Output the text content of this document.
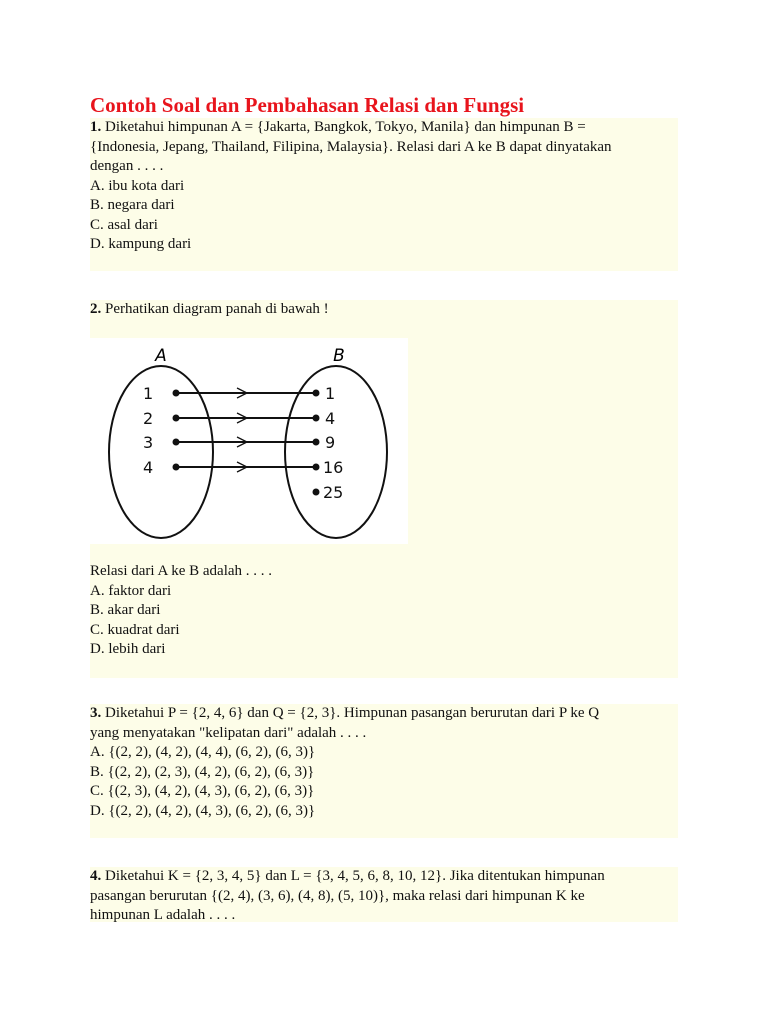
Contoh Soal dan Pembahasan Relasi dan Fungsi

1. Diketahui himpunan A = {Jakarta, Bangkok, Tokyo, Manila} dan himpunan B =

{Indonesia, Jepang, Thailand, Filipina, Malaysia}. Relasi dari A ke B dapat dinyatakan

dengan . . . .

A. ibu kota dari

B. negara dari

C. asal dari

D. kampung dari

2. Perhatikan diagram panah di bawah !

A	B
1
2
3
4
1
4
9
16
25

Relasi dari A ke B adalah . . . .

A. faktor dari

B. akar dari

C. kuadrat dari

D. lebih dari

3. Diketahui P = {2, 4, 6} dan Q = {2, 3}. Himpunan pasangan berurutan dari P ke Q

yang menyatakan "kelipatan dari" adalah . . . .

A. {(2, 2), (4, 2), (4, 4), (6, 2), (6, 3)}

B. {(2, 2), (2, 3), (4, 2), (6, 2), (6, 3)}

C. {(2, 3), (4, 2), (4, 3), (6, 2), (6, 3)}

D. {(2, 2), (4, 2), (4, 3), (6, 2), (6, 3)}

4. Diketahui K = {2, 3, 4, 5} dan L = {3, 4, 5, 6, 8, 10, 12}. Jika ditentukan himpunan

pasangan berurutan {(2, 4), (3, 6), (4, 8), (5, 10)}, maka relasi dari himpunan K ke

himpunan L adalah . . . .
